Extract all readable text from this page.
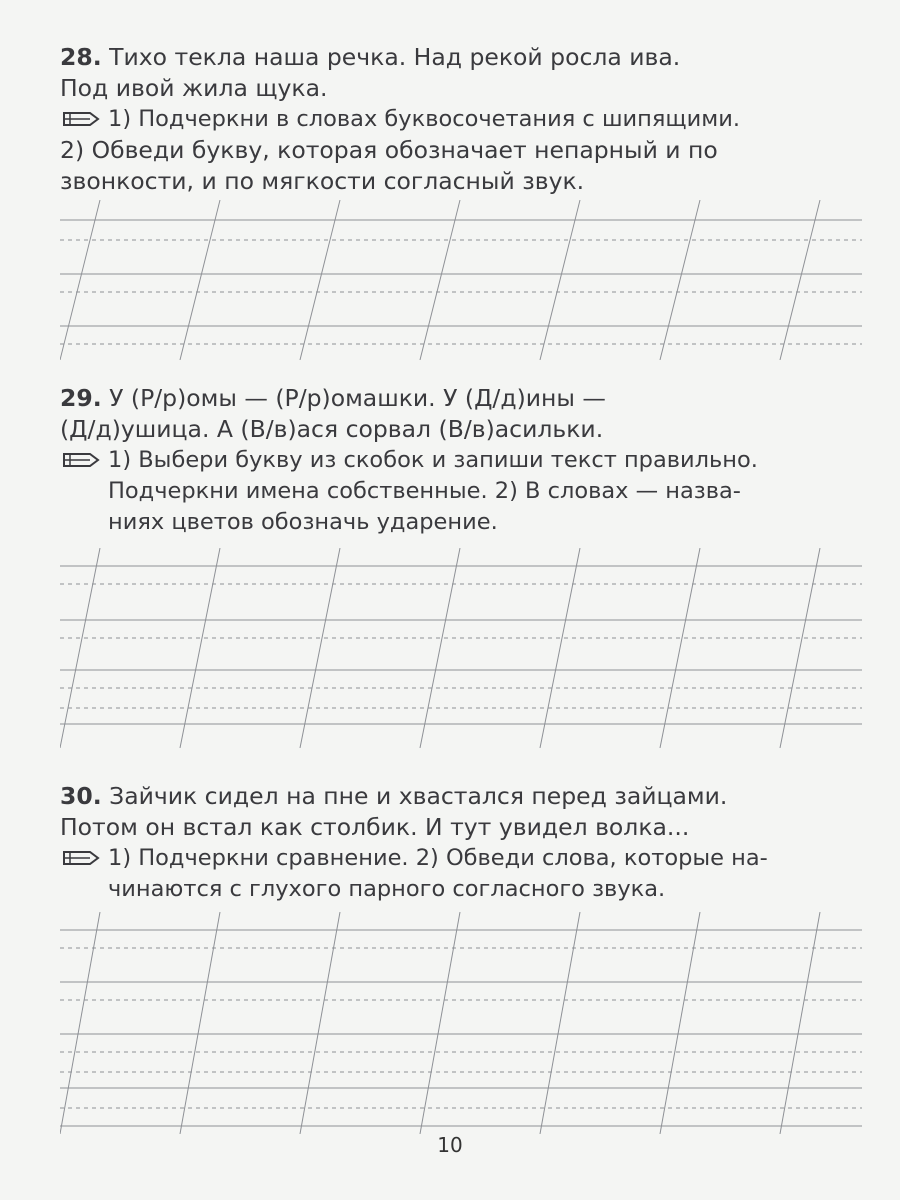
28. Тихо текла наша речка. Над рекой росла ива.
Под ивой жила щука.
1) Подчеркни в словах буквосочетания с шипящими.
2) Обведи букву, которая обозначает непарный и по
звонкости, и по мягкости согласный звук.
29. У (Р/р)омы — (Р/р)омашки. У (Д/д)ины —
(Д/д)ушица. А (В/в)ася сорвал (В/в)асильки.
1) Выбери букву из скобок и запиши текст правильно.
Подчеркни имена собственные. 2) В словах — назва-
ниях цветов обозначь ударение.
30. Зайчик сидел на пне и хвастался перед зайцами.
Потом он встал как столбик. И тут увидел волка...
1) Подчеркни сравнение. 2) Обведи слова, которые на-
чинаются с глухого парного согласного звука.
10
